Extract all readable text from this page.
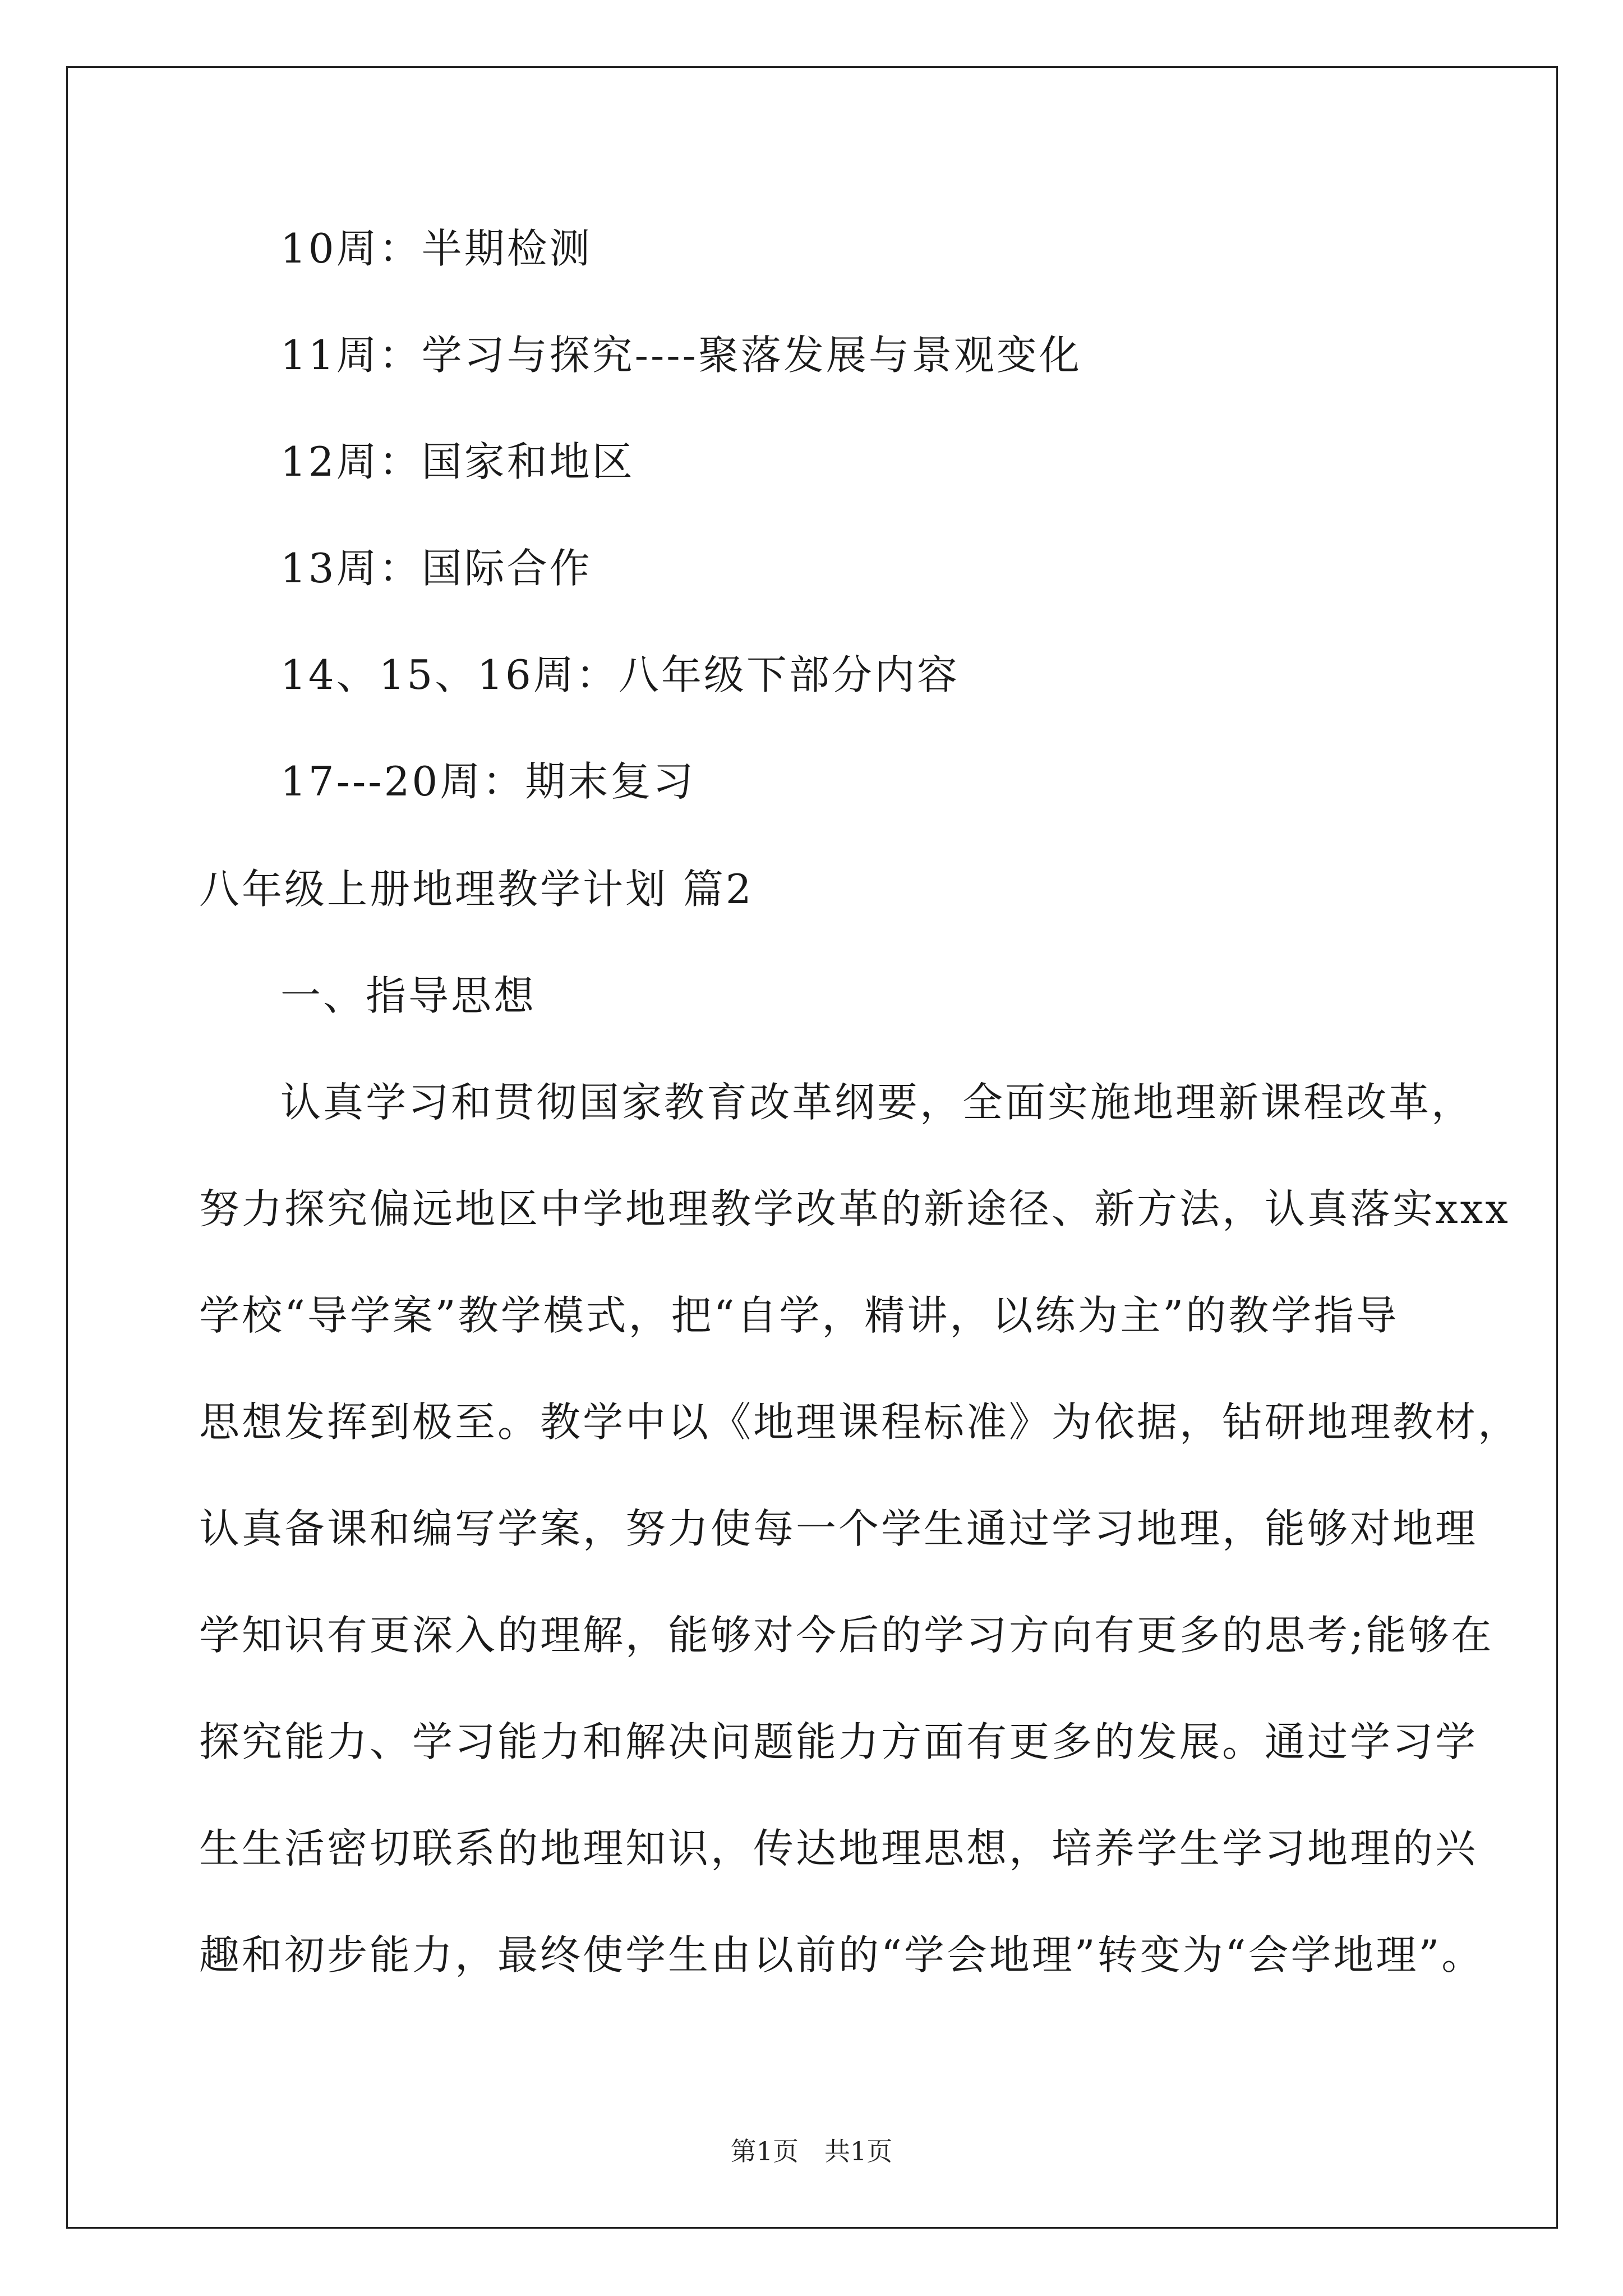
10周：半期检测
11周：学习与探究----聚落发展与景观变化
12周：国家和地区
13周：国际合作
14、15、16周：八年级下部分内容
17---20周：期末复习
八年级上册地理教学计划 篇2
一、指导思想
认真学习和贯彻国家教育改革纲要，全面实施地理新课程改革，
努力探究偏远地区中学地理教学改革的新途径、新方法，认真落实xxx
学校“导学案”教学模式，把“自学，精讲，以练为主”的教学指导
思想发挥到极至。教学中以《地理课程标准》为依据，钻研地理教材，
认真备课和编写学案，努力使每一个学生通过学习地理，能够对地理
学知识有更深入的理解，能够对今后的学习方向有更多的思考;能够在
探究能力、学习能力和解决问题能力方面有更多的发展。通过学习学
生生活密切联系的地理知识，传达地理思想，培养学生学习地理的兴
趣和初步能力，最终使学生由以前的“学会地理”转变为“会学地理”。
第1页　共1页
